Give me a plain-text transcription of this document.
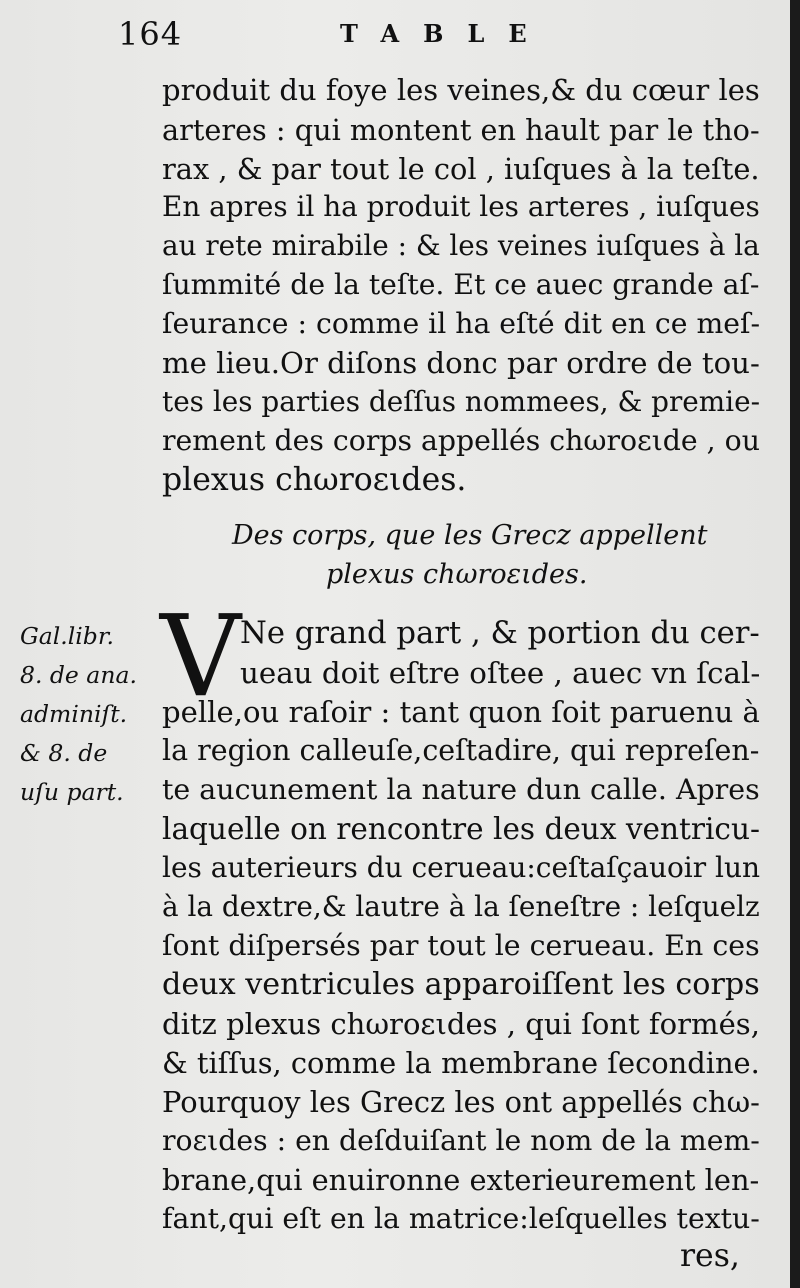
164	TABLE
produit du foye les veines,& du cœur les
arteres : qui montent en hault par le tho-
rax , & par tout le col , iuſques à la teſte.
En apres il ha produit les arteres , iuſques
au rete mirabile : & les veines iuſques à la
ſummité de la teſte. Et ce auec grande aſ-
ſeurance : comme il ha eſté dit en ce meſ-
me lieu.Or diſons donc par ordre de tou-
tes les parties deſſus nommees, & premie-
rement des corps appellés chωroειde , ou
plexus chωroειdes.
Des corps, que les Grecz appellent
plexus chωroειdes.
Gal.libr.
8. de ana.
adminiſt.
& 8. de
uſu part.
V Ne grand part , & portion du cer-
ueau doit eſtre oſtee , auec vn ſcal-
pelle,ou raſoir : tant quon ſoit paruenu à
la region calleuſe,ceſtadire, qui repreſen-
te aucunement la nature dun calle. Apres
laquelle on rencontre les deux ventricu-
les auterieurs du cerueau:ceſtaſçauoir lun
à la dextre,& lautre à la ſeneſtre : leſquelz
ſont diſpersés par tout le cerueau. En ces
deux ventricules apparoiſſent les corps
ditz plexus chωroειdes , qui ſont formés,
& tiſſus, comme la membrane ſecondine.
Pourquoy les Grecz les ont appellés chω-
roειdes : en deſduiſant le nom de la mem-
brane,qui enuironne exterieurement len-
fant,qui eſt en la matrice:leſquelles textu-
res,
